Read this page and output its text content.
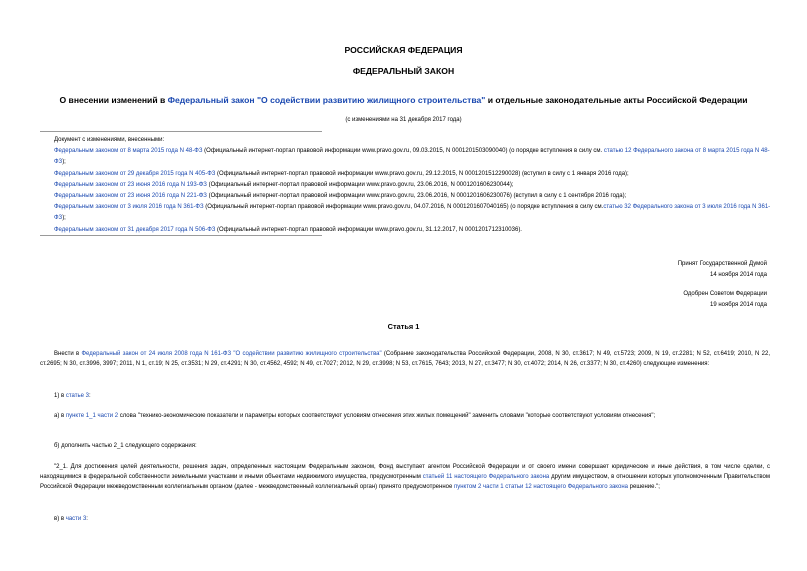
РОССИЙСКАЯ ФЕДЕРАЦИЯ
ФЕДЕРАЛЬНЫЙ ЗАКОН
О внесении изменений в Федеральный закон "О содействии развитию жилищного строительства" и отдельные законодательные акты Российской Федерации
(с изменениями на 31 декабря 2017 года)
Документ с изменениями, внесенными:
Федеральным законом от 8 марта 2015 года N 48-ФЗ (Официальный интернет-портал правовой информации www.pravo.gov.ru, 09.03.2015, N 0001201503090040) (о порядке вступления в силу см. статью 12 Федерального закона от 8 марта 2015 года N 48-ФЗ);
Федеральным законом от 29 декабря 2015 года N 405-ФЗ (Официальный интернет-портал правовой информации www.pravo.gov.ru, 29.12.2015, N 0001201512290028) (вступил в силу с 1 января 2016 года);
Федеральным законом от 23 июня 2016 года N 193-ФЗ (Официальный интернет-портал правовой информации www.pravo.gov.ru, 23.06.2016, N 0001201606230044);
Федеральным законом от 23 июня 2016 года N 221-ФЗ (Официальный интернет-портал правовой информации www.pravo.gov.ru, 23.06.2016, N 0001201606230076) (вступил в силу с 1 сентября 2016 года);
Федеральным законом от 3 июля 2016 года N 361-ФЗ (Официальный интернет-портал правовой информации www.pravo.gov.ru, 04.07.2016, N 0001201607040165) (о порядке вступления в силу см.статью 32 Федерального закона от 3 июля 2016 года N 361-ФЗ);
Федеральным законом от 31 декабря 2017 года N 506-ФЗ (Официальный интернет-портал правовой информации www.pravo.gov.ru, 31.12.2017, N 0001201712310036).
Принят Государственной Думой
14 ноября 2014 года
Одобрен Советом Федерации
19 ноября 2014 года
Статья 1

Внести в Федеральный закон от 24 июля 2008 года N 161-ФЗ "О содействии развитию жилищного строительства" (Собрание законодательства Российской Федерации, 2008, N 30, ст.3617; N 49, ст.5723; 2009, N 19, ст.2281; N 52, ст.6419; 2010, N 22, ст.2695; N 30, ст.3996, 3997; 2011, N 1, ст.19; N 25, ст.3531; N 29, ст.4291; N 30, ст.4562, 4592; N 49, ст.7027; 2012, N 29, ст.3998; N 53, ст.7615, 7643; 2013, N 27, ст.3477; N 30, ст.4072; 2014, N 26, ст.3377; N 30, ст.4260) следующие изменения:

1) в статье 3:

а) в пункте 1_1 части 2 слова "технико-экономические показатели и параметры которых соответствуют условиям отнесения этих жилых помещений" заменить словами "которые соответствуют условиям отнесения";

б) дополнить частью 2_1 следующего содержания:

"2_1. Для достижения целей деятельности, решения задач, определенных настоящим Федеральным законом, Фонд выступает агентом Российской Федерации и от своего имени совершает юридические и иные действия, в том числе сделки, с находящимися в федеральной собственности земельными участками и иными объектами недвижимого имущества, предусмотренным статьей 11 настоящего Федерального закона другим имуществом, в отношении которых уполномоченным Правительством Российской Федерации межведомственным коллегиальным органом (далее - межведомственный коллегиальный орган) принято предусмотренное пунктом 2 части 1 статьи 12 настоящего Федерального закона решение.";

в) в части 3:
